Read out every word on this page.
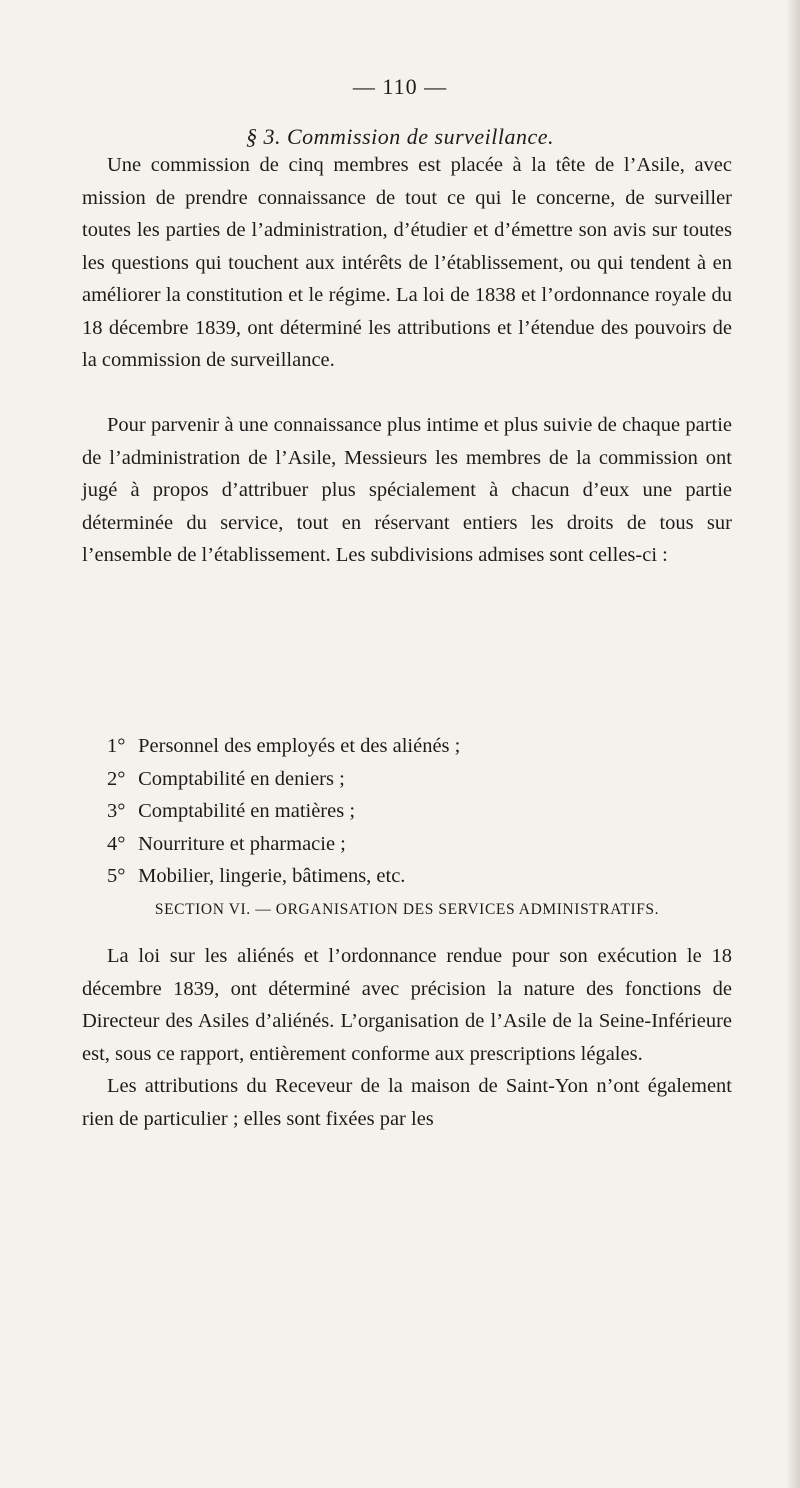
— 110 —
§ 3. Commission de surveillance.

Une commission de cinq membres est placée à la tête de l’Asile, avec mission de prendre connaissance de tout ce qui le concerne, de surveiller toutes les parties de l’administration, d’étudier et d’émettre son avis sur toutes les questions qui touchent aux intérêts de l’établissement, ou qui tendent à en améliorer la constitution et le régime. La loi de 1838 et l’ordonnance royale du 18 décembre 1839, ont déterminé les attributions et l’étendue des pouvoirs de la commission de surveillance.

Pour parvenir à une connaissance plus intime et plus suivie de chaque partie de l’administration de l’Asile, Messieurs les membres de la commission ont jugé à propos d’attribuer plus spécialement à chacun d’eux une partie déterminée du service, tout en réservant entiers les droits de tous sur l’ensemble de l’établissement. Les subdivisions admises sont celles-ci :

1° Personnel des employés et des aliénés ;
2° Comptabilité en deniers ;
3° Comptabilité en matières ;
4° Nourriture et pharmacie ;
5° Mobilier, lingerie, bâtimens, etc.
SECTION VI. — ORGANISATION DES SERVICES ADMINISTRATIFS.

La loi sur les aliénés et l’ordonnance rendue pour son exécution le 18 décembre 1839, ont déterminé avec précision la nature des fonctions de Directeur des Asiles d’aliénés. L’organisation de l’Asile de la Seine-Inférieure est, sous ce rapport, entièrement conforme aux prescriptions légales.

Les attributions du Receveur de la maison de Saint-Yon n’ont également rien de particulier ; elles sont fixées par les
